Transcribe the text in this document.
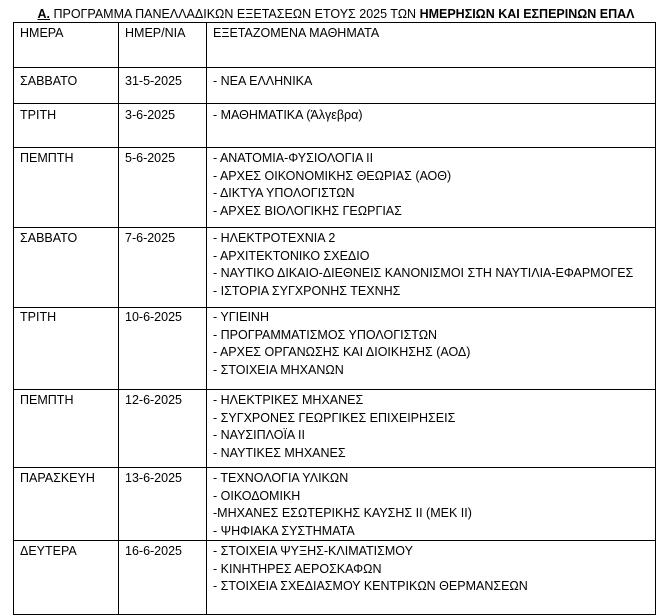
A. ΠΡΟΓΡΑΜΜΑ ΠΑΝΕΛΛΑΔΙΚΩΝ ΕΞΕΤΑΣΕΩΝ ΕΤΟΥΣ 2025 ΤΩΝ ΗΜΕΡΗΣΙΩΝ ΚΑΙ ΕΣΠΕΡΙΝΩΝ ΕΠΑΛ
ΗΜΕΡΑ	ΗΜΕΡ/ΝΙΑ	ΕΞΕΤΑΖΟΜΕΝΑ ΜΑΘΗΜΑΤΑ
ΣΑΒΒΑΤΟ	31-5-2025	- ΝΕΑ ΕΛΛΗΝΙΚΑ

ΤΡΙΤΗ	3-6-2025	- ΜΑΘΗΜΑΤΙΚΑ (Άλγεβρα)

ΠΕΜΠΤΗ	5-6-2025	- ΑΝΑΤΟΜΙΑ-ΦΥΣΙΟΛΟΓΙΑ ΙΙ
- ΑΡΧΕΣ ΟΙΚΟΝΟΜΙΚΗΣ ΘΕΩΡΙΑΣ (ΑΟΘ)
- ΔΙΚΤΥΑ ΥΠΟΛΟΓΙΣΤΩΝ
- ΑΡΧΕΣ ΒΙΟΛΟΓΙΚΗΣ ΓΕΩΡΓΙΑΣ

ΣΑΒΒΑΤΟ	7-6-2025	- ΗΛΕΚΤΡΟΤΕΧΝΙΑ 2
- ΑΡΧΙΤΕΚΤΟΝΙΚΟ ΣΧΕΔΙΟ
- ΝΑΥΤΙΚΟ ΔΙΚΑΙΟ-ΔΙΕΘΝΕΙΣ ΚΑΝΟΝΙΣΜΟΙ ΣΤΗ ΝΑΥΤΙΛΙΑ-ΕΦΑΡΜΟΓΕΣ
- ΙΣΤΟΡΙΑ ΣΥΓΧΡΟΝΗΣ ΤΕΧΝΗΣ

ΤΡΙΤΗ	10-6-2025	- ΥΓΙΕΙΝΗ
- ΠΡΟΓΡΑΜΜΑΤΙΣΜΟΣ ΥΠΟΛΟΓΙΣΤΩΝ
- ΑΡΧΕΣ ΟΡΓΑΝΩΣΗΣ ΚΑΙ ΔΙΟΙΚΗΣΗΣ (ΑΟΔ)
- ΣΤΟΙΧΕΙΑ ΜΗΧΑΝΩΝ

ΠΕΜΠΤΗ	12-6-2025	- ΗΛΕΚΤΡΙΚΕΣ ΜΗΧΑΝΕΣ
- ΣΥΓΧΡΟΝΕΣ ΓΕΩΡΓΙΚΕΣ ΕΠΙΧΕΙΡΗΣΕΙΣ
- ΝΑΥΣΙΠΛΟΪΑ ΙΙ
- ΝΑΥΤΙΚΕΣ ΜΗΧΑΝΕΣ

ΠΑΡΑΣΚΕΥΗ	13-6-2025	- ΤΕΧΝΟΛΟΓΙΑ ΥΛΙΚΩΝ
- ΟΙΚΟΔΟΜΙΚΗ
-ΜΗΧΑΝΕΣ ΕΣΩΤΕΡΙΚΗΣ ΚΑΥΣΗΣ ΙΙ (ΜΕΚ ΙΙ)
- ΨΗΦΙΑΚΑ ΣΥΣΤΗΜΑΤΑ

ΔΕΥΤΕΡΑ	16-6-2025	- ΣΤΟΙΧΕΙΑ ΨΥΞΗΣ-ΚΛΙΜΑΤΙΣΜΟΥ
- ΚΙΝΗΤΗΡΕΣ ΑΕΡΟΣΚΑΦΩΝ
- ΣΤΟΙΧΕΙΑ ΣΧΕΔΙΑΣΜΟΥ ΚΕΝΤΡΙΚΩΝ ΘΕΡΜΑΝΣΕΩΝ
